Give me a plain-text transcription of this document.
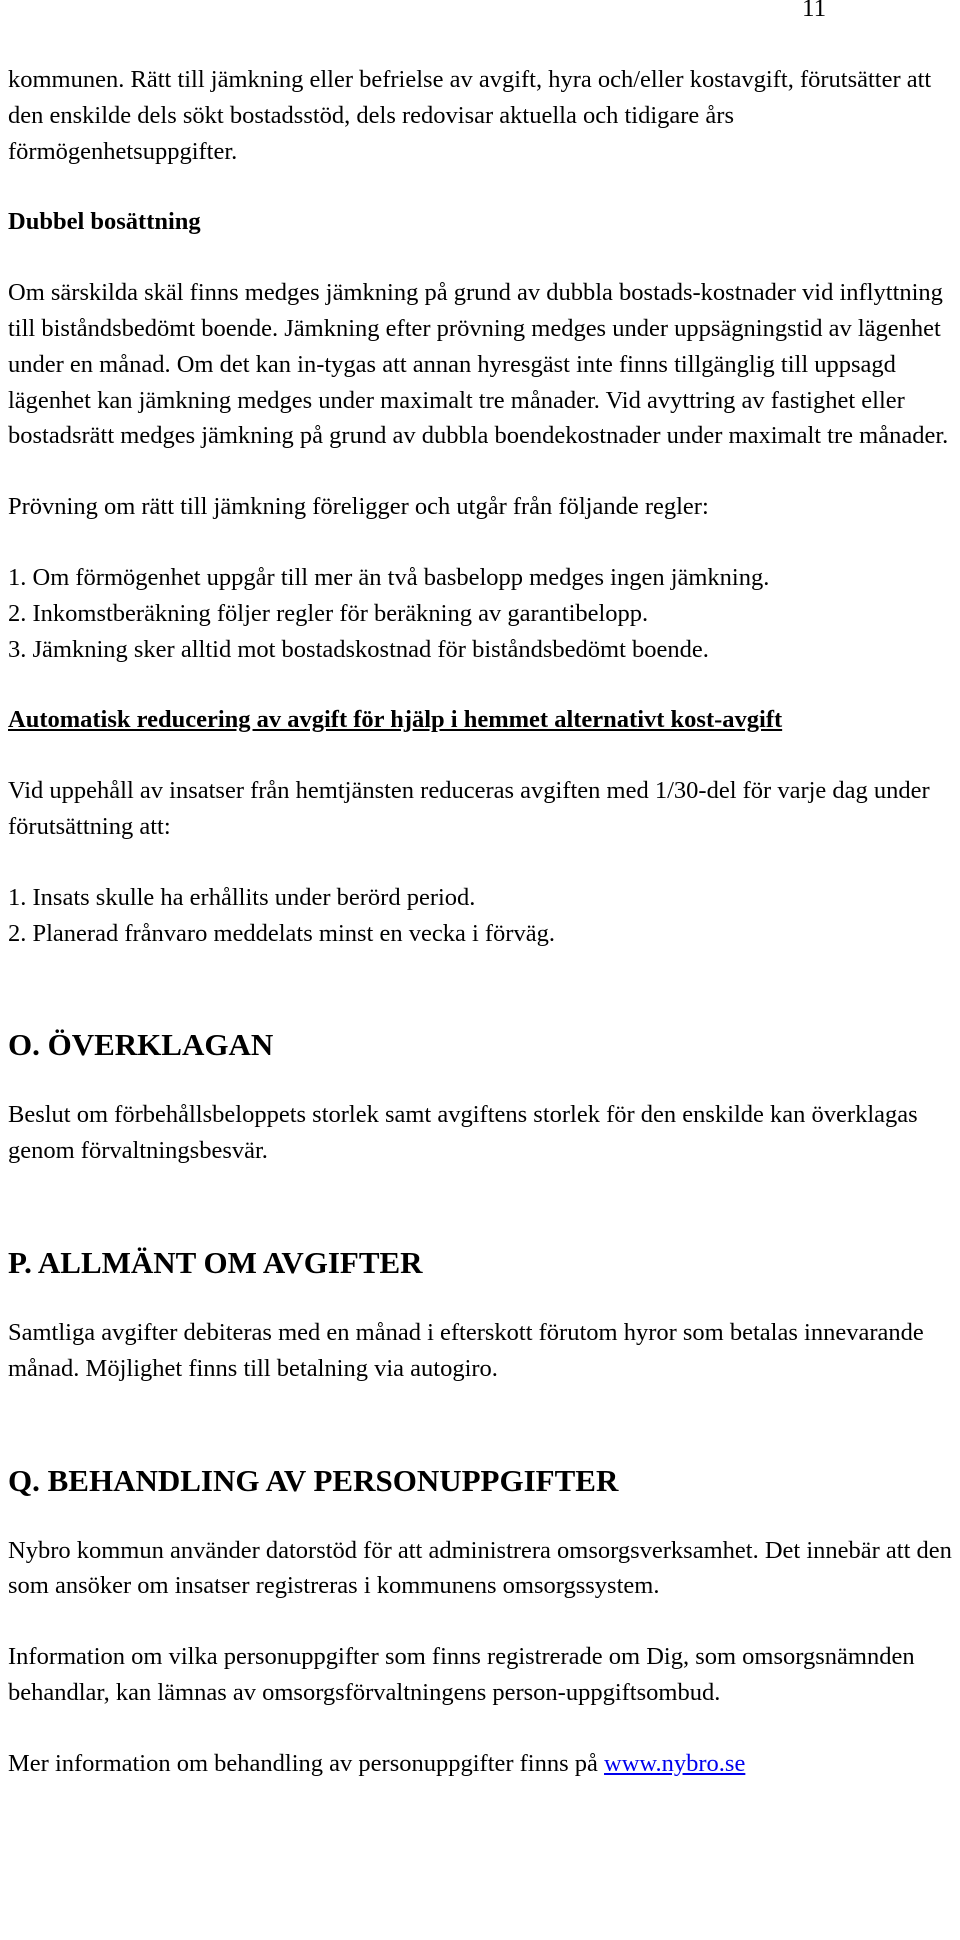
11

kommunen. Rätt till jämkning eller befrielse av avgift, hyra och/eller kostavgift, förutsätter att den enskilde dels sökt bostadsstöd, dels redovisar aktuella och tidigare års förmögenhetsuppgifter.

Dubbel bosättning

Om särskilda skäl finns medges jämkning på grund av dubbla bostads-kostnader vid inflyttning till biståndsbedömt boende. Jämkning efter prövning medges under uppsägningstid av lägenhet under en månad. Om det kan in-tygas att annan hyresgäst inte finns tillgänglig till uppsagd lägenhet kan jämkning medges under maximalt tre månader. Vid avyttring av fastighet eller bostadsrätt medges jämkning på grund av dubbla boendekostnader under maximalt tre månader.

Prövning om rätt till jämkning föreligger och utgår från följande regler:

1. Om förmögenhet uppgår till mer än två basbelopp medges ingen jämkning.
2. Inkomstberäkning följer regler för beräkning av garantibelopp.
3. Jämkning sker alltid mot bostadskostnad för biståndsbedömt boende.

Automatisk reducering av avgift för hjälp i hemmet alternativt kost-avgift

Vid uppehåll av insatser från hemtjänsten reduceras avgiften med 1/30-del för varje dag under förutsättning att:

1. Insats skulle ha erhållits under berörd period.
2. Planerad frånvaro meddelats minst en vecka i förväg.

O. ÖVERKLAGAN

Beslut om förbehållsbeloppets storlek samt avgiftens storlek för den enskilde kan överklagas genom förvaltningsbesvär.

P. ALLMÄNT OM AVGIFTER

Samtliga avgifter debiteras med en månad i efterskott förutom hyror som betalas innevarande månad. Möjlighet finns till betalning via autogiro.

Q. BEHANDLING AV PERSONUPPGIFTER

Nybro kommun använder datorstöd för att administrera omsorgsverksamhet. Det innebär att den som ansöker om insatser registreras i kommunens omsorgssystem.

Information om vilka personuppgifter som finns registrerade om Dig, som omsorgsnämnden behandlar, kan lämnas av omsorgsförvaltningens person-uppgiftsombud.

Mer information om behandling av personuppgifter finns på www.nybro.se
